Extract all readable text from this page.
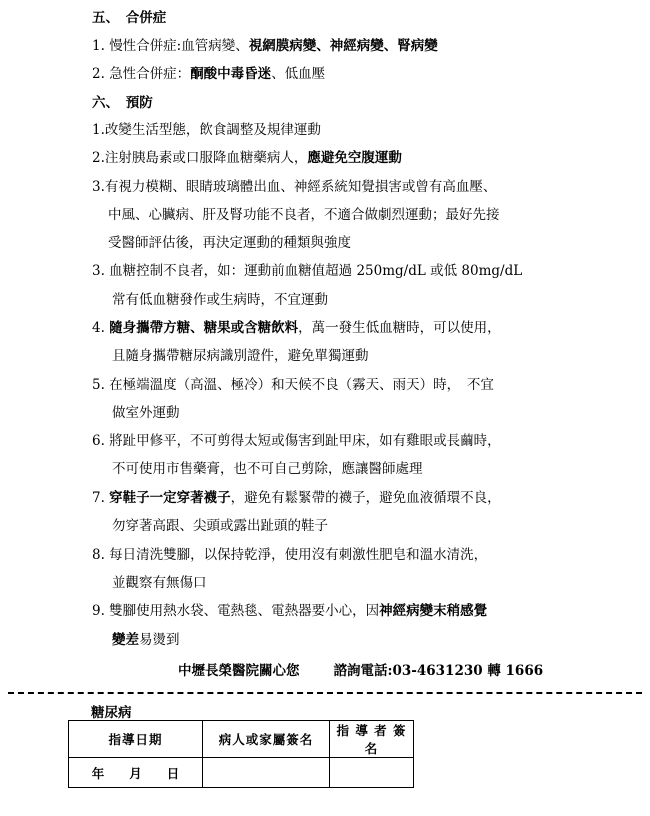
五、　合併症
1. 慢性合併症:血管病變、視網膜病變、神經病變、腎病變
2. 急性合併症：酮酸中毒昏迷、低血壓
六、　預防
1.改變生活型態，飲食調整及規律運動
2.注射胰島素或口服降血糖藥病人，應避免空腹運動
3.有視力模糊、眼睛玻璃體出血、神經系統知覺損害或曾有高血壓、
中風、心臟病、肝及腎功能不良者，不適合做劇烈運動；最好先接
受醫師評估後，再決定運動的種類與強度
3. 血糖控制不良者，如：運動前血糖值超過 250mg/dL 或低 80mg/dL
常有低血糖發作或生病時，不宜運動
4. 隨身攜帶方糖、糖果或含糖飲料，萬一發生低血糖時，可以使用，
且隨身攜帶糖尿病識別證件，避免單獨運動
5. 在極端溫度（高溫、極冷）和天候不良（霧天、雨天）時，　不宜
做室外運動
6. 將趾甲修平，不可剪得太短或傷害到趾甲床，如有雞眼或長繭時，
不可使用市售藥膏，也不可自己剪除，應讓醫師處理
7. 穿鞋子一定穿著襪子，避免有鬆緊帶的襪子，避免血液循環不良，
勿穿著高跟、尖頭或露出趾頭的鞋子
8. 每日清洗雙腳，以保持乾淨，使用沒有刺激性肥皂和溫水清洗，
並觀察有無傷口
9. 雙腳使用熱水袋、電熱毯、電熱器要小心，因神經病變末稍感覺
變差易燙到
中壢長榮醫院關心您	諮詢電話:03-4631230 轉 1666
糖尿病
指導日期	病人或家屬簽名	指 導 者 簽 名
年　　月　　日		
